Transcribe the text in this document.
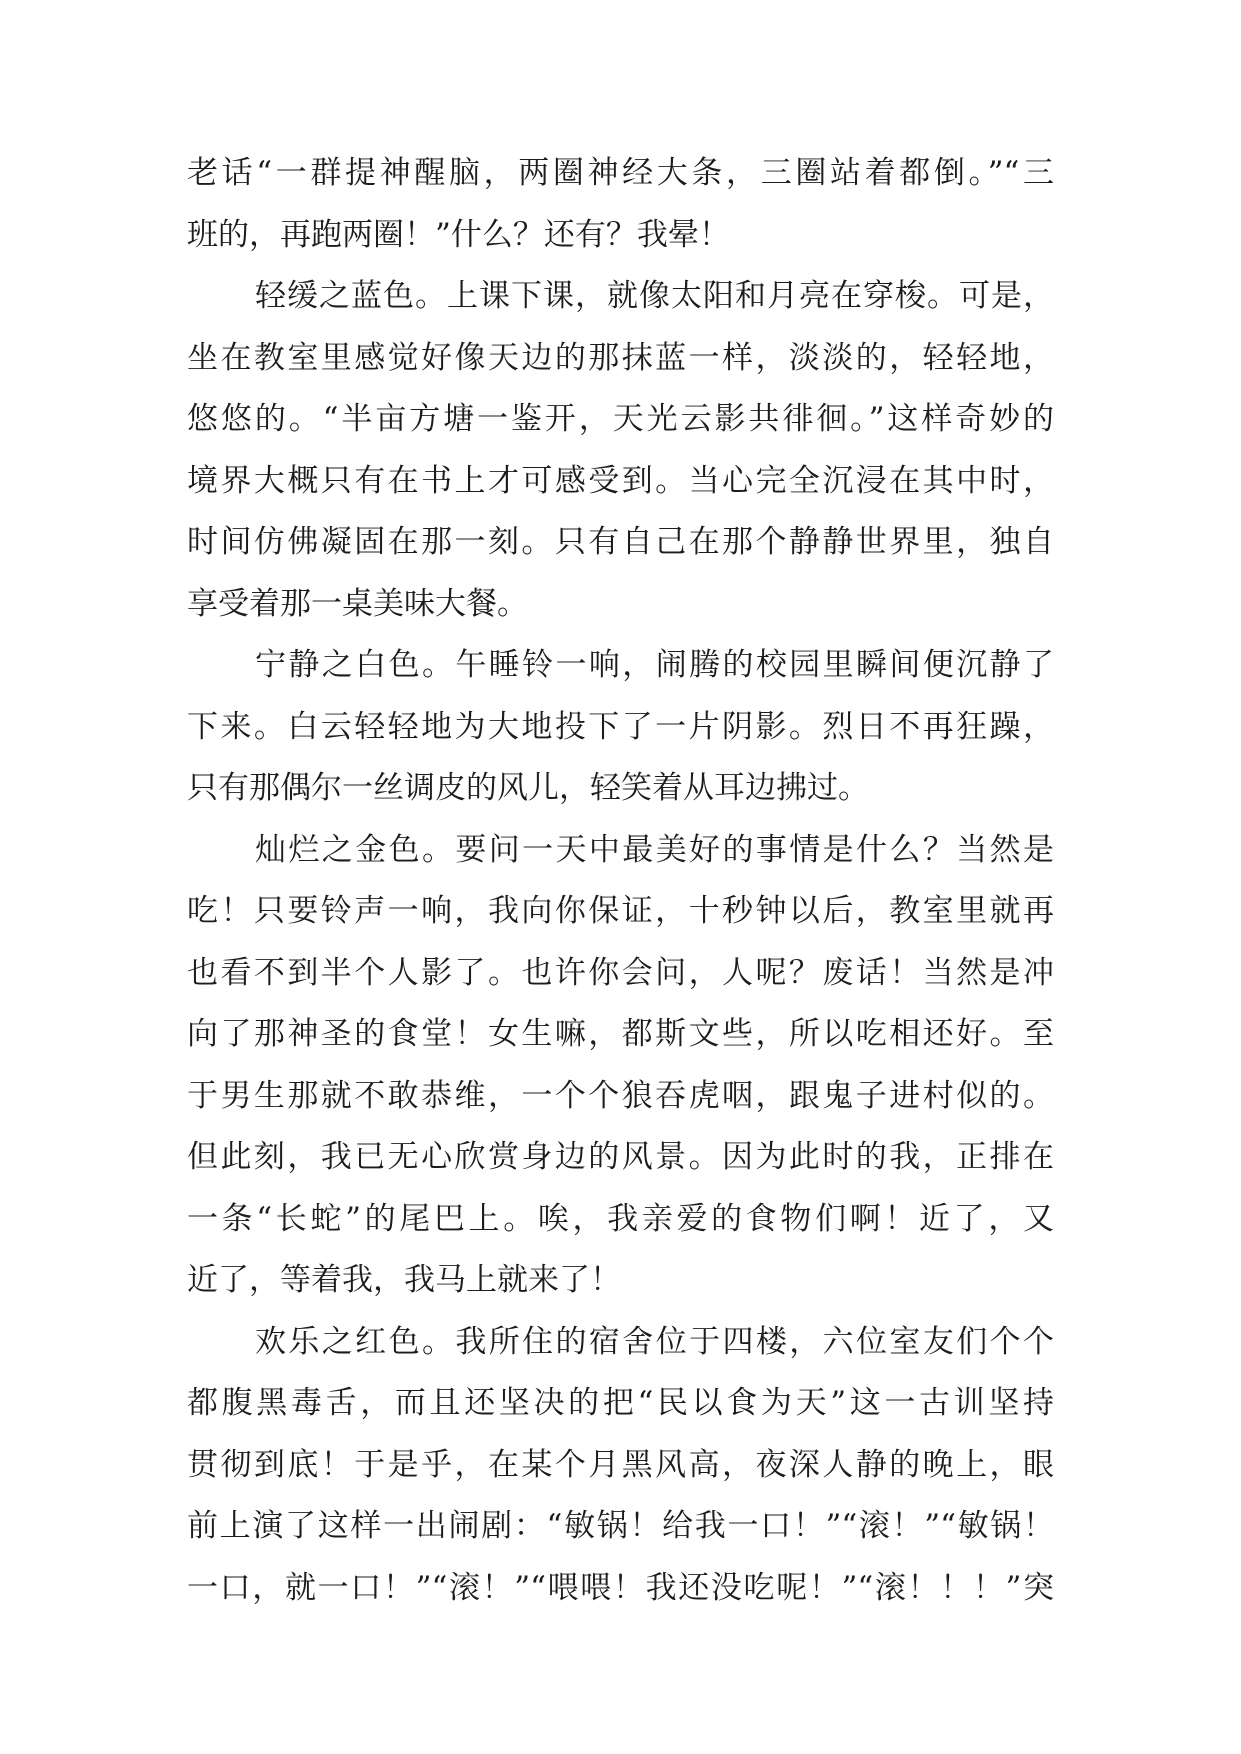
老话“一群提神醒脑，两圈神经大条，三圈站着都倒。”“三
班的，再跑两圈！”什么？还有？我晕！
轻缓之蓝色。上课下课，就像太阳和月亮在穿梭。可是，
坐在教室里感觉好像天边的那抹蓝一样，淡淡的，轻轻地，
悠悠的。“半亩方塘一鉴开，天光云影共徘徊。”这样奇妙的
境界大概只有在书上才可感受到。当心完全沉浸在其中时，
时间仿佛凝固在那一刻。只有自己在那个静静世界里，独自
享受着那一桌美味大餐。
宁静之白色。午睡铃一响，闹腾的校园里瞬间便沉静了
下来。白云轻轻地为大地投下了一片阴影。烈日不再狂躁，
只有那偶尔一丝调皮的风儿，轻笑着从耳边拂过。
灿烂之金色。要问一天中最美好的事情是什么？当然是
吃！只要铃声一响，我向你保证，十秒钟以后，教室里就再
也看不到半个人影了。也许你会问，人呢？废话！当然是冲
向了那神圣的食堂！女生嘛，都斯文些，所以吃相还好。至
于男生那就不敢恭维，一个个狼吞虎咽，跟鬼子进村似的。
但此刻，我已无心欣赏身边的风景。因为此时的我，正排在
一条“长蛇”的尾巴上。唉，我亲爱的食物们啊！近了，又
近了，等着我，我马上就来了！
欢乐之红色。我所住的宿舍位于四楼，六位室友们个个
都腹黑毒舌，而且还坚决的把“民以食为天”这一古训坚持
贯彻到底！于是乎，在某个月黑风高，夜深人静的晚上，眼
前上演了这样一出闹剧：“敏锅！给我一口！”“滚！”“敏锅！
一口，就一口！”“滚！”“喂喂！我还没吃呢！”“滚！！！”突
